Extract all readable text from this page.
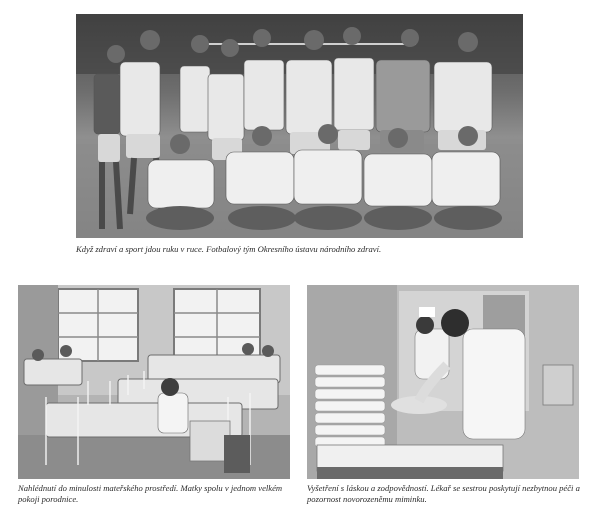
Když zdraví a sport jdou ruku v ruce. Fotbalový tým Okresního ústavu národního zdraví.
Nahlédnutí do minulosti mateřského prostředí. Matky spolu v jednom velkém pokoji porodnice.
Vyšetření s láskou a zodpovědností. Lékař se sestrou poskytují nezbytnou péči a pozornost novorozeněmu miminku.
